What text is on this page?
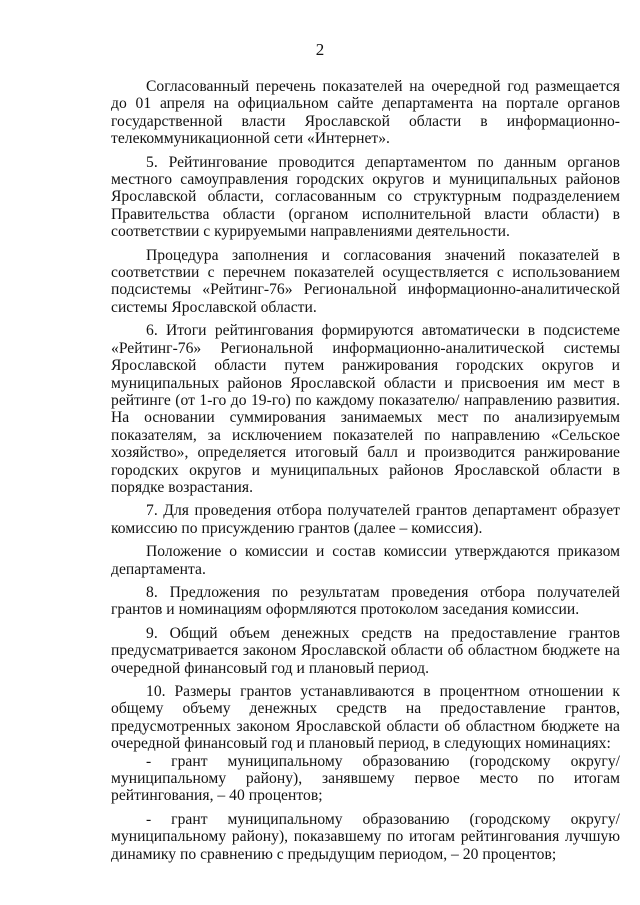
2

Согласованный перечень показателей на очередной год размещается до 01 апреля на официальном сайте департамента на портале органов государственной власти Ярославской области в информационно-телекоммуникационной сети «Интернет».

5. Рейтингование проводится департаментом по данным органов местного самоуправления городских округов и муниципальных районов Ярославской области, согласованным со структурным подразделением Правительства области (органом исполнительной власти области) в соответствии с курируемыми направлениями деятельности.

Процедура заполнения и согласования значений показателей в соответствии с перечнем показателей осуществляется с использованием подсистемы «Рейтинг-76» Региональной информационно-аналитической системы Ярославской области.

6. Итоги рейтингования формируются автоматически в подсистеме «Рейтинг-76» Региональной информационно-аналитической системы Ярославской области путем ранжирования городских округов и муниципальных районов Ярославской области и присвоения им мест в рейтинге (от 1-го до 19-го) по каждому показателю/ направлению развития. На основании суммирования занимаемых мест по анализируемым показателям, за исключением показателей по направлению «Сельское хозяйство», определяется итоговый балл и производится ранжирование городских округов и муниципальных районов Ярославской области в порядке возрастания.

7. Для проведения отбора получателей грантов департамент образует комиссию по присуждению грантов (далее – комиссия).

Положение о комиссии и состав комиссии утверждаются приказом департамента.

8. Предложения по результатам проведения отбора получателей грантов и номинациям оформляются протоколом заседания комиссии.

9. Общий объем денежных средств на предоставление грантов предусматривается законом Ярославской области об областном бюджете на очередной финансовый год и плановый период.

10. Размеры грантов устанавливаются в процентном отношении к общему объему денежных средств на предоставление грантов, предусмотренных законом Ярославской области об областном бюджете на очередной финансовый год и плановый период, в следующих номинациях:

- грант муниципальному образованию (городскому округу/ муниципальному району), занявшему первое место по итогам рейтингования, – 40 процентов;

- грант муниципальному образованию (городскому округу/ муниципальному району), показавшему по итогам рейтингования лучшую динамику по сравнению с предыдущим периодом, – 20 процентов;
